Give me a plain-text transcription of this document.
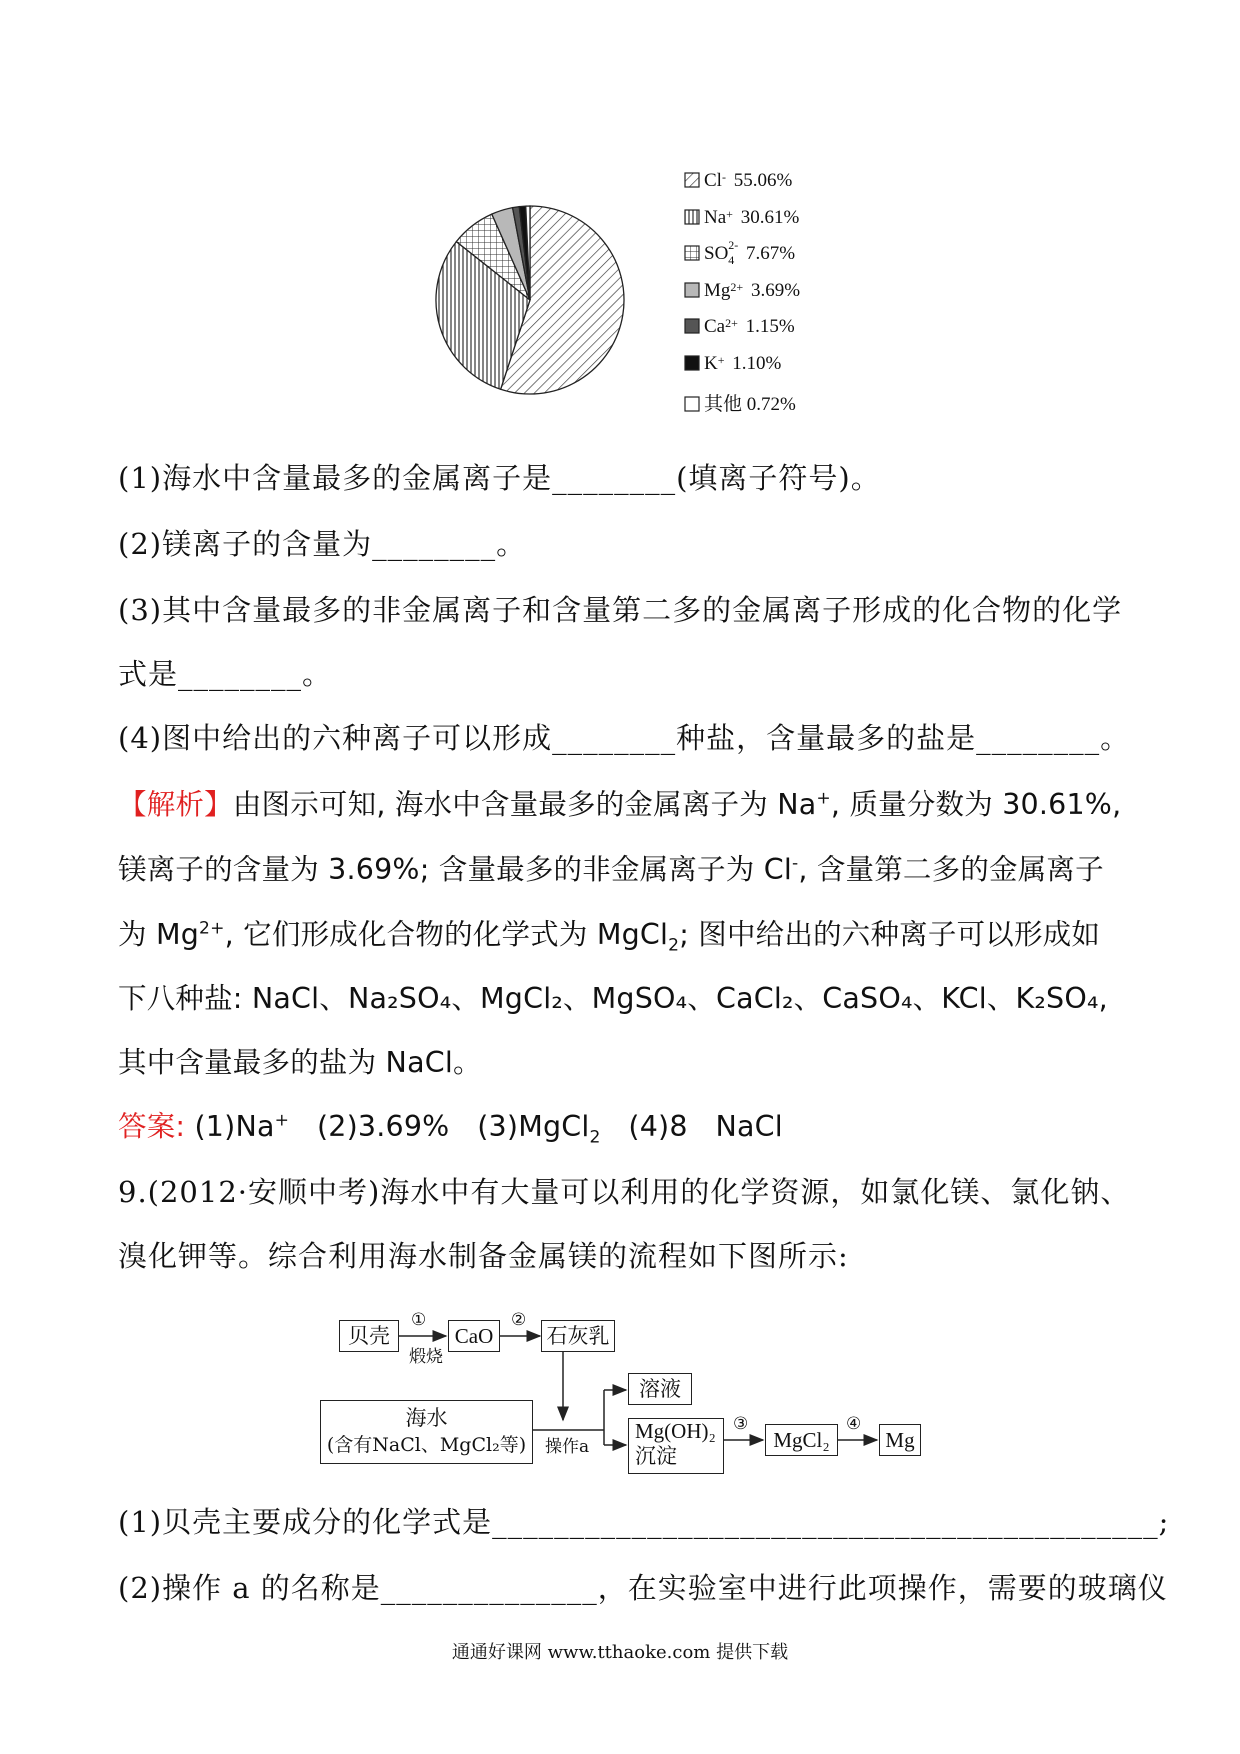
Cl - 55.06%
Na + 30.61%
SO 2-
4 7.67%
Mg 2+ 3.69%
Ca 2+ 1.15%
K + 1.10%
其他 0.72%
(1)海水中含量最多的金属离子是________(填离子符号)。
(2)镁离子的含量为________。
(3)其中含量最多的非金属离子和含量第二多的金属离子形成的化合物的化学
式是________。
(4)图中给出的六种离子可以形成________种盐，含量最多的盐是________。
【解析】由图示可知, 海水中含量最多的金属离子为 Na+, 质量分数为 30.61%,
镁离子的含量为 3.69%; 含量最多的非金属离子为 Cl-, 含量第二多的金属离子
为 $Mg^{2+}$, 它们形成化合物的化学式为 MgCl$_2$; 图中给出的六种离子可以形成如
下八种盐: NaCl、Na₂SO₄、MgCl₂、MgSO₄、CaCl₂、CaSO₄、KCl、K₂SO₄,
其中含量最多的盐为 NaCl。
答案: (1)Na+ (2)3.69% (3)MgCl$_2$ (4)8 NaCl
9.(2012·安顺中考)海水中有大量可以利用的化学资源，如氯化镁、氯化钠、
溴化钾等。综合利用海水制备金属镁的流程如下图所示:
贝壳
①
煅烧
CaO
②
石灰乳
溶液
海水
(含有NaCl、MgCl₂等)	操作a
Mg(OH)₂
沉淀
③
MgCl₂
④
Mg
(1)贝壳主要成分的化学式是___________________________________________;
(2)操作 a 的名称是______________，在实验室中进行此项操作，需要的玻璃仪
通通好课网 www.tthaoke.com 提供下载
